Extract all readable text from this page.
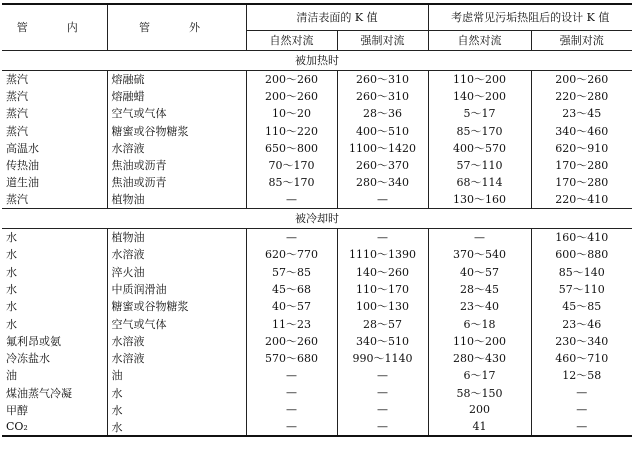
管　内	管　外	清洁表面的 K 值		考虑常见污垢热阻后的设计 K 值	
		自然对流	强制对流	自然对流	强制对流
被加热时					
蒸汽	熔融硫	200～260	260～310	110～200	200～260
蒸汽	熔融蜡	200～260	260～310	140～200	220～280
蒸汽	空气或气体	10～20	28～36	5～17	23～45
蒸汽	糖蜜或谷物糖浆	110～220	400～510	85～170	340～460
高温水	水溶液	650～800	1100～1420	400～570	620～910
传热油	焦油或沥青	70～170	260～370	57～110	170～280
道生油	焦油或沥青	85～170	280～340	68～114	170～280
蒸汽	植物油	—	—	130～160	220～410
被冷却时					
水	植物油	—	—	—	160～410
水	水溶液	620～770	1110～1390	370～540	600～880
水	淬火油	57～85	140～260	40～57	85～140
水	中质润滑油	45～68	110～170	28～45	57～110
水	糖蜜或谷物糖浆	40～57	100～130	23～40	45～85
水	空气或气体	11～23	28～57	6～18	23～46
氟利昂或氨	水溶液	200～260	340～510	110～200	230～340
冷冻盐水	水溶液	570～680	990～1140	280～430	460～710
油	油	—	—	6～17	12～58
煤油蒸气冷凝	水	—	—	58～150	—
甲醇	水	—	—	200	—
CO₂	水	—	—	41	—
